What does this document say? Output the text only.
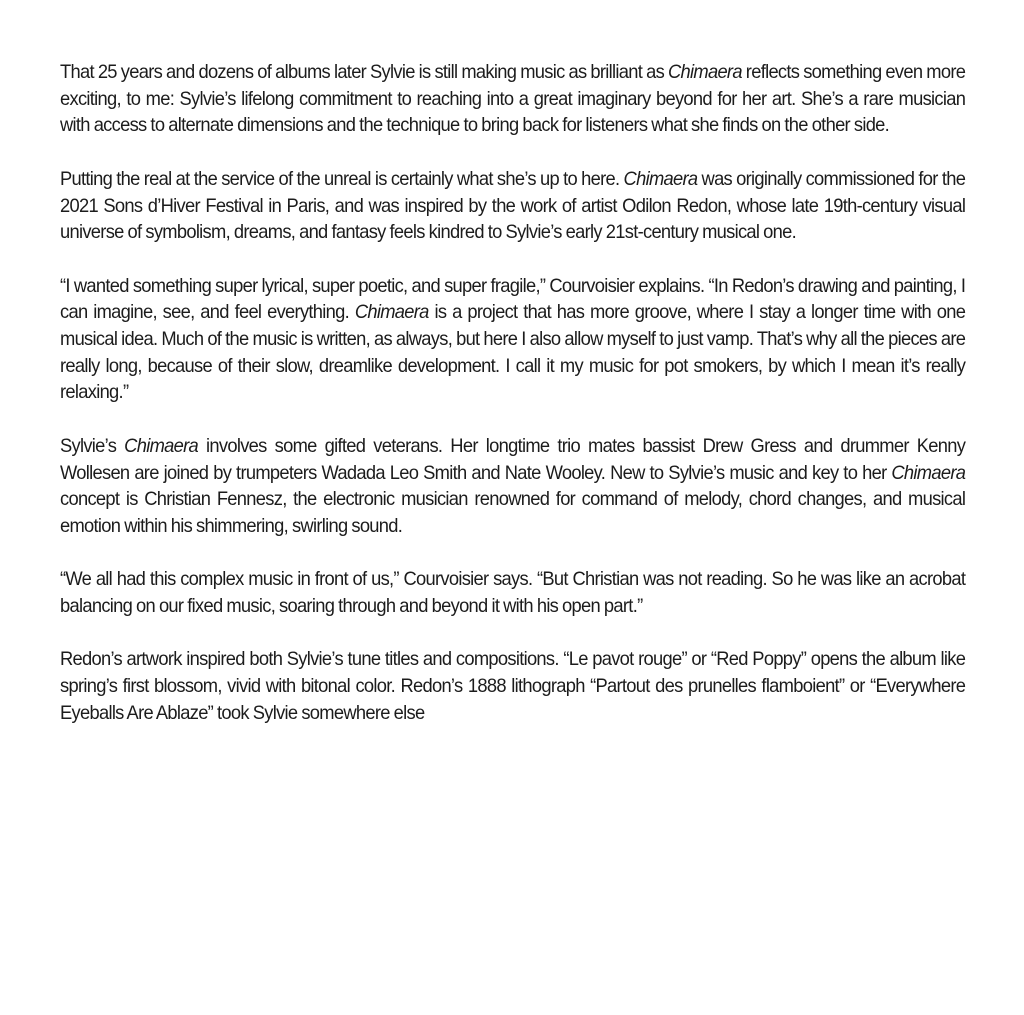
That 25 years and dozens of albums later Sylvie is still making music as brilliant as Chimaera reflects something even more exciting, to me: Sylvie’s lifelong commitment to reaching into a great imaginary beyond for her art. She’s a rare musician with access to alternate dimensions and the technique to bring back for listeners what she finds on the other side.

Putting the real at the service of the unreal is certainly what she’s up to here. Chimaera was originally commissioned for the 2021 Sons d’Hiver Festival in Paris, and was inspired by the work of artist Odilon Redon, whose late 19th-century visual universe of symbolism, dreams, and fantasy feels kindred to Sylvie’s early 21st-century musical one.

“I wanted something super lyrical, super poetic, and super fragile,” Courvoisier explains. “In Redon’s drawing and painting, I can imagine, see, and feel everything. Chimaera is a project that has more groove, where I stay a longer time with one musical idea. Much of the music is written, as always, but here I also allow myself to just vamp. That’s why all the pieces are really long, because of their slow, dreamlike development. I call it my music for pot smokers, by which I mean it’s really relaxing.”

Sylvie’s Chimaera involves some gifted veterans. Her longtime trio mates bassist Drew Gress and drummer Kenny Wollesen are joined by trumpeters Wadada Leo Smith and Nate Wooley. New to Sylvie’s music and key to her Chimaera concept is Christian Fennesz, the electronic musician renowned for command of melody, chord changes, and musical emotion within his shimmering, swirling sound.

“We all had this complex music in front of us,” Courvoisier says. “But Christian was not reading. So he was like an acrobat balancing on our fixed music, soaring through and beyond it with his open part.”

Redon’s artwork inspired both Sylvie’s tune titles and compositions. “Le pavot rouge” or “Red Poppy” opens the album like spring’s first blossom, vivid with bitonal color. Redon’s 1888 lithograph “Partout des prunelles flamboient” or “Everywhere Eyeballs Are Ablaze” took Sylvie somewhere else
